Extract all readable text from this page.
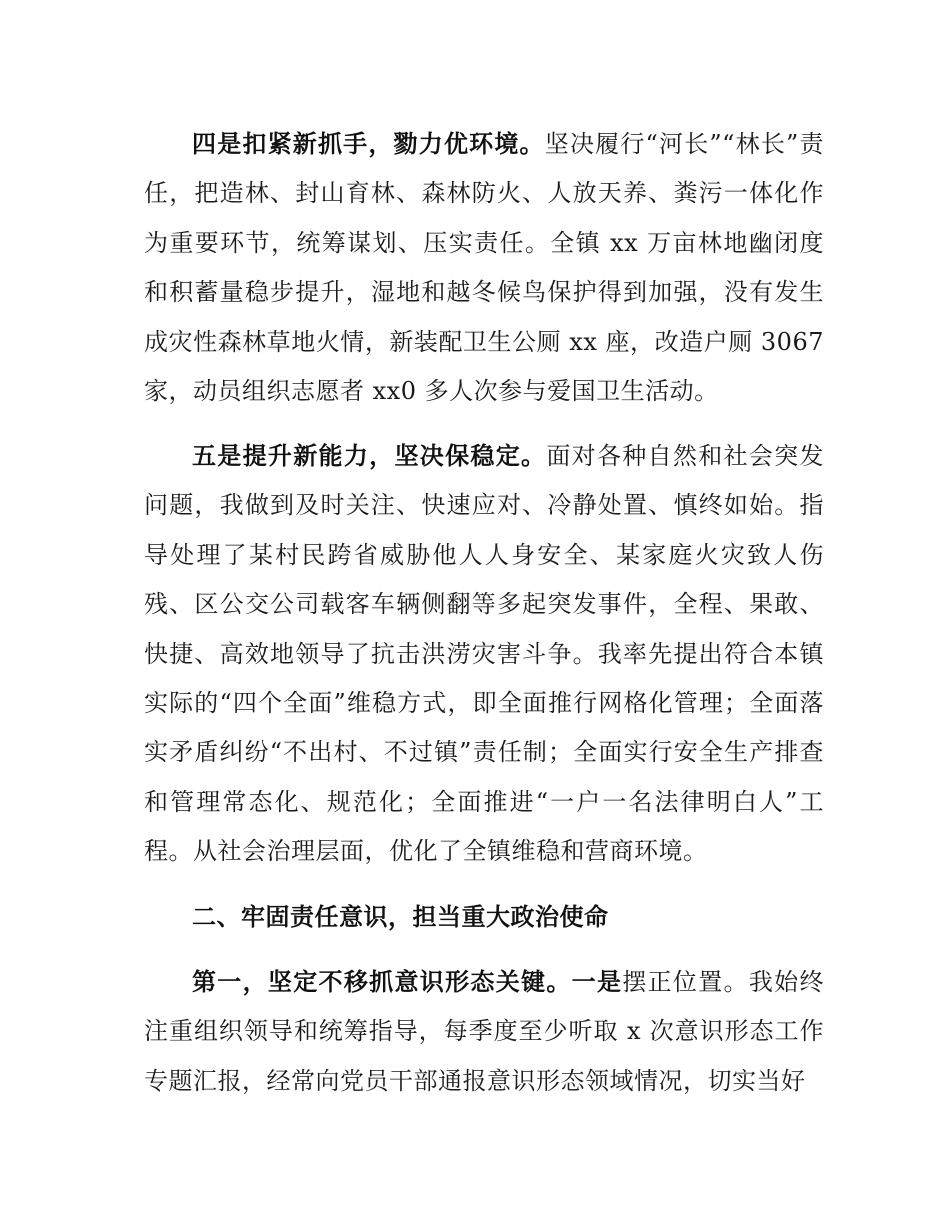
四是扣紧新抓手，勠力优环境。坚决履行“河长”“林长”责任，把造林、封山育林、森林防火、人放天养、粪污一体化作为重要环节，统筹谋划、压实责任。全镇 xx 万亩林地幽闭度和积蓄量稳步提升，湿地和越冬候鸟保护得到加强，没有发生成灾性森林草地火情，新装配卫生公厕 xx 座，改造户厕 3067 家，动员组织志愿者 xx0 多人次参与爱国卫生活动。

五是提升新能力，坚决保稳定。面对各种自然和社会突发问题，我做到及时关注、快速应对、冷静处置、慎终如始。指导处理了某村民跨省威胁他人人身安全、某家庭火灾致人伤残、区公交公司载客车辆侧翻等多起突发事件，全程、果敢、快捷、高效地领导了抗击洪涝灾害斗争。我率先提出符合本镇实际的“四个全面”维稳方式，即全面推行网格化管理；全面落实矛盾纠纷“不出村、不过镇”责任制；全面实行安全生产排查和管理常态化、规范化；全面推进“一户一名法律明白人”工程。从社会治理层面，优化了全镇维稳和营商环境。

二、牢固责任意识，担当重大政治使命

第一，坚定不移抓意识形态关键。一是摆正位置。我始终注重组织领导和统筹指导，每季度至少听取 x 次意识形态工作专题汇报，经常向党员干部通报意识形态领域情况，切实当好
